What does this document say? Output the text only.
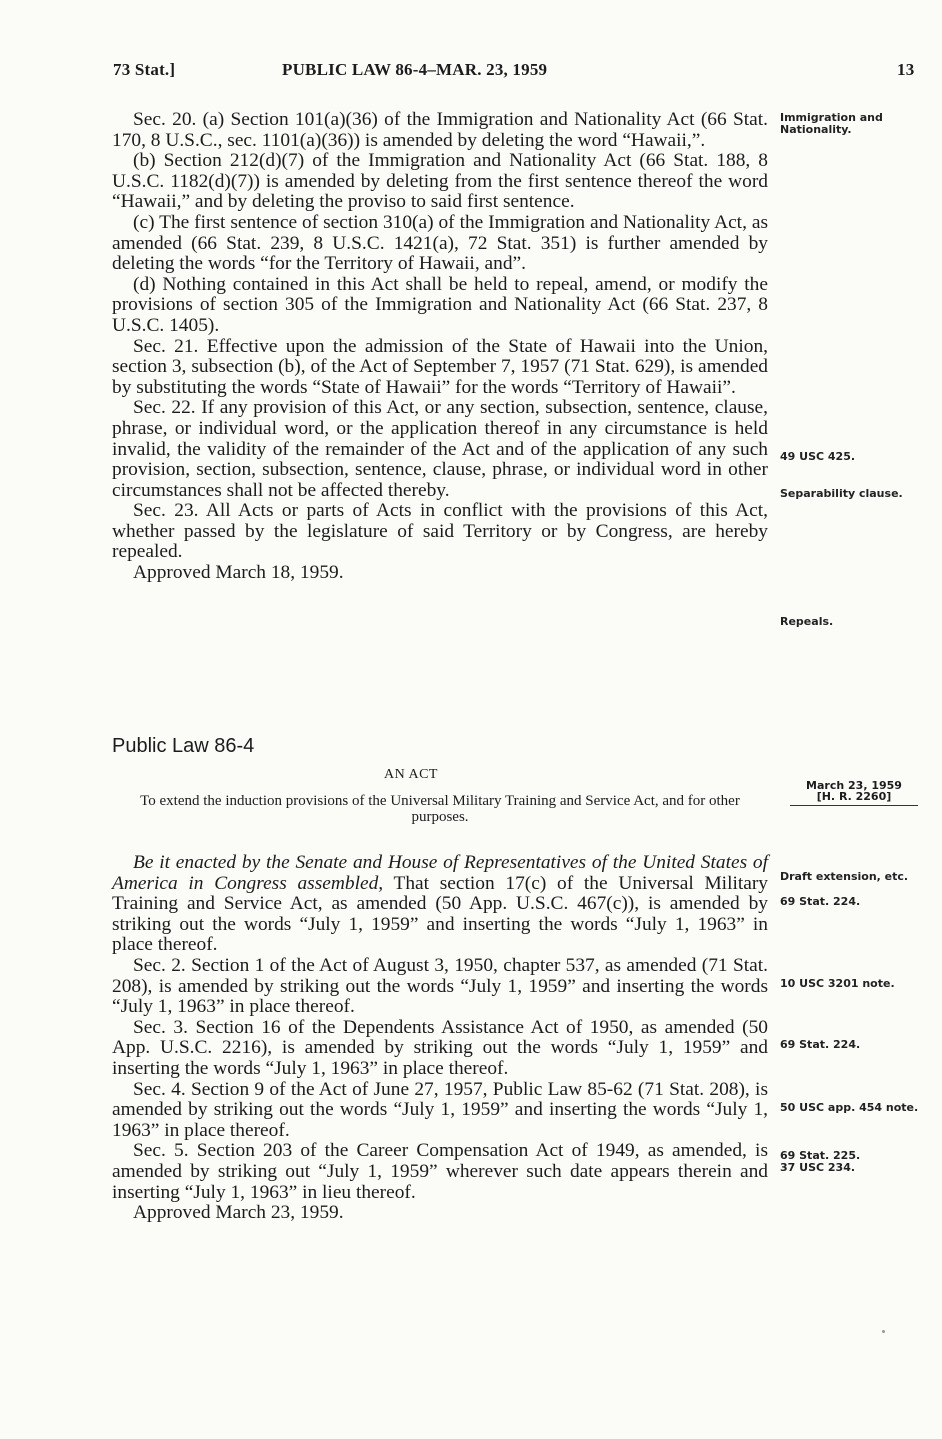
73 Stat.]	PUBLIC LAW 86-4–MAR. 23, 1959	13

Sec. 20. (a) Section 101(a)(36) of the Immigration and Nationality Act (66 Stat. 170, 8 U.S.C., sec. 1101(a)(36)) is amended by deleting the word “Hawaii,”.

(b) Section 212(d)(7) of the Immigration and Nationality Act (66 Stat. 188, 8 U.S.C. 1182(d)(7)) is amended by deleting from the first sentence thereof the word “Hawaii,” and by deleting the proviso to said first sentence.

(c) The first sentence of section 310(a) of the Immigration and Nationality Act, as amended (66 Stat. 239, 8 U.S.C. 1421(a), 72 Stat. 351) is further amended by deleting the words “for the Territory of Hawaii, and”.

(d) Nothing contained in this Act shall be held to repeal, amend, or modify the provisions of section 305 of the Immigration and Nationality Act (66 Stat. 237, 8 U.S.C. 1405).

Sec. 21. Effective upon the admission of the State of Hawaii into the Union, section 3, subsection (b), of the Act of September 7, 1957 (71 Stat. 629), is amended by substituting the words “State of Hawaii” for the words “Territory of Hawaii”.

Sec. 22. If any provision of this Act, or any section, subsection, sentence, clause, phrase, or individual word, or the application thereof in any circumstance is held invalid, the validity of the remainder of the Act and of the application of any such provision, section, subsection, sentence, clause, phrase, or individual word in other circumstances shall not be affected thereby.

Sec. 23. All Acts or parts of Acts in conflict with the provisions of this Act, whether passed by the legislature of said Territory or by Congress, are hereby repealed.

Approved March 18, 1959.

Immigration and Nationality.
49 USC 425.
Separability clause.
Repeals.
Public Law 86-4
AN ACT
To extend the induction provisions of the Universal Military Training and Service Act, and for other purposes.
March 23, 1959
[H. R. 2260]

Be it enacted by the Senate and House of Representatives of the United States of America in Congress assembled, That section 17(c) of the Universal Military Training and Service Act, as amended (50 App. U.S.C. 467(c)), is amended by striking out the words “July 1, 1959” and inserting the words “July 1, 1963” in place thereof.

Sec. 2. Section 1 of the Act of August 3, 1950, chapter 537, as amended (71 Stat. 208), is amended by striking out the words “July 1, 1959” and inserting the words “July 1, 1963” in place thereof.

Sec. 3. Section 16 of the Dependents Assistance Act of 1950, as amended (50 App. U.S.C. 2216), is amended by striking out the words “July 1, 1959” and inserting the words “July 1, 1963” in place thereof.

Sec. 4. Section 9 of the Act of June 27, 1957, Public Law 85-62 (71 Stat. 208), is amended by striking out the words “July 1, 1959” and inserting the words “July 1, 1963” in place thereof.

Sec. 5. Section 203 of the Career Compensation Act of 1949, as amended, is amended by striking out “July 1, 1959” wherever such date appears therein and inserting “July 1, 1963” in lieu thereof.

Approved March 23, 1959.

Draft extension, etc.
69 Stat. 224.
10 USC 3201 note.
69 Stat. 224.
50 USC app. 454 note.
69 Stat. 225.
37 USC 234.
